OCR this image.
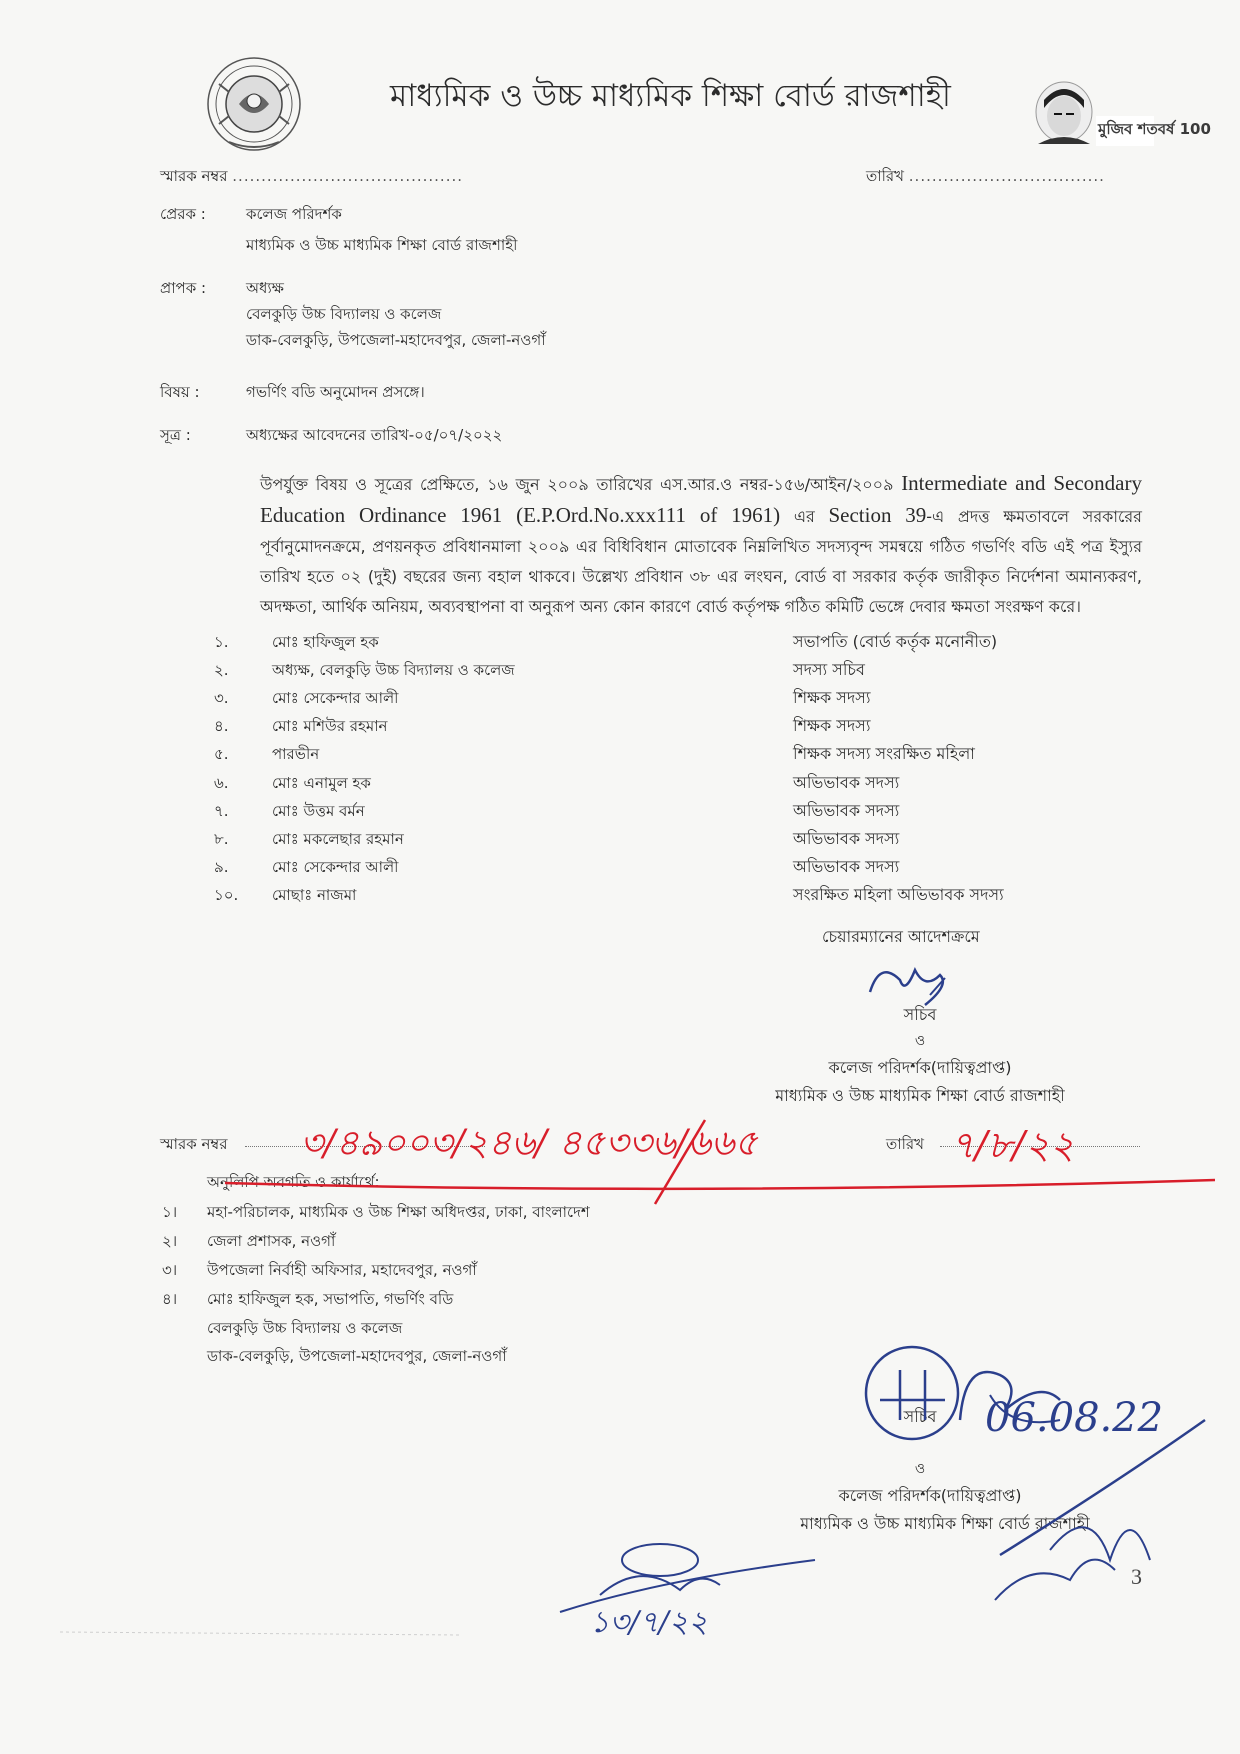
মাধ্যমিক ও উচ্চ মাধ্যমিক শিক্ষা বোর্ড রাজশাহী
মুজিব শতবর্ষ 100
স্মারক নম্বর ........................................	তারিখ ..................................
প্রেরক :	কলেজ পরিদর্শক
মাধ্যমিক ও উচ্চ মাধ্যমিক শিক্ষা বোর্ড রাজশাহী
প্রাপক :	অধ্যক্ষ
বেলকুড়ি উচ্চ বিদ্যালয় ও কলেজ
ডাক-বেলকুড়ি, উপজেলা-মহাদেবপুর, জেলা-নওগাঁ
বিষয় :	গভর্ণিং বডি অনুমোদন প্রসঙ্গে।
সূত্র :	অধ্যক্ষের আবেদনের তারিখ-০৫/০৭/২০২২

উপর্যুক্ত বিষয় ও সূত্রের প্রেক্ষিতে, ১৬ জুন ২০০৯ তারিখের এস.আর.ও নম্বর-১৫৬/আইন/২০০৯ Intermediate and Secondary Education Ordinance 1961 (E.P.Ord.No.xxx111 of 1961) এর Section 39-এ প্রদত্ত ক্ষমতাবলে সরকারের পূর্বানুমোদনক্রমে, প্রণয়নকৃত প্রবিধানমালা ২০০৯ এর বিধিবিধান মোতাবেক নিম্নলিখিত সদস্যবৃন্দ সমন্বয়ে গঠিত গভর্ণিং বডি এই পত্র ইস্যুর তারিখ হতে ০২ (দুই) বছরের জন্য বহাল থাকবে। উল্লেখ্য প্রবিধান ৩৮ এর লংঘন, বোর্ড বা সরকার কর্তৃক জারীকৃত নির্দেশনা অমান্যকরণ, অদক্ষতা, আর্থিক অনিয়ম, অব্যবস্থাপনা বা অনুরূপ অন্য কোন কারণে বোর্ড কর্তৃপক্ষ গঠিত কমিটি ভেঙ্গে দেবার ক্ষমতা সংরক্ষণ করে।

১.	মোঃ হাফিজুল হক	সভাপতি (বোর্ড কর্তৃক মনোনীত)
২.	অধ্যক্ষ, বেলকুড়ি উচ্চ বিদ্যালয় ও কলেজ	সদস্য সচিব
৩.	মোঃ সেকেন্দার আলী	শিক্ষক সদস্য
৪.	মোঃ মশিউর রহমান	শিক্ষক সদস্য
৫.	পারভীন	শিক্ষক সদস্য সংরক্ষিত মহিলা
৬.	মোঃ এনামুল হক	অভিভাবক সদস্য
৭.	মোঃ উত্তম বর্মন	অভিভাবক সদস্য
৮.	মোঃ মকলেছার রহমান	অভিভাবক সদস্য
৯.	মোঃ সেকেন্দার আলী	অভিভাবক সদস্য
১০.	মোছাঃ নাজমা	সংরক্ষিত মহিলা অভিভাবক সদস্য
চেয়ারম্যানের আদেশক্রমে
সচিব
ও
কলেজ পরিদর্শক(দায়িত্বপ্রাপ্ত)
মাধ্যমিক ও উচ্চ মাধ্যমিক শিক্ষা বোর্ড রাজশাহী
স্মারক নম্বর	তারিখ
অনুলিপি অবগতি ও কার্যার্থে:
১। মহা-পরিচালক, মাধ্যমিক ও উচ্চ শিক্ষা অধিদপ্তর, ঢাকা, বাংলাদেশ
২। জেলা প্রশাসক, নওগাঁ
৩। উপজেলা নির্বাহী অফিসার, মহাদেবপুর, নওগাঁ
৪। মোঃ হাফিজুল হক, সভাপতি, গভর্ণিং বডি
বেলকুড়ি উচ্চ বিদ্যালয় ও কলেজ
ডাক-বেলকুড়ি, উপজেলা-মহাদেবপুর, জেলা-নওগাঁ
সচিব
ও
কলেজ পরিদর্শক(দায়িত্বপ্রাপ্ত)
মাধ্যমিক ও উচ্চ মাধ্যমিক শিক্ষা বোর্ড রাজশাহী
৩/৪৯০০৩/২৪৬/ ৪৫৩৩৬/৬৬৫	৭/৮/২২
06.08.22
১৩/৭/২২
3
